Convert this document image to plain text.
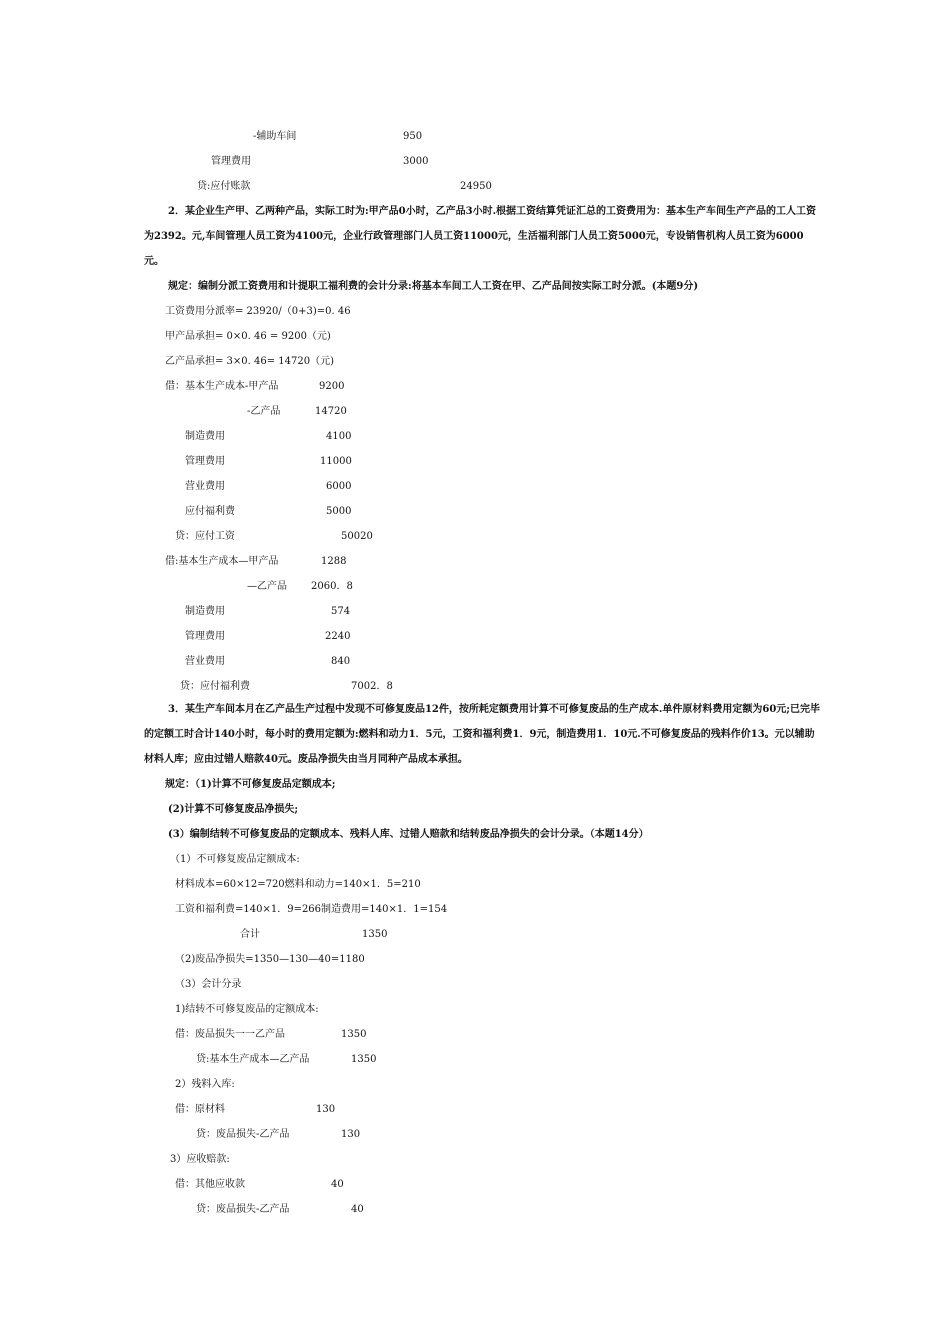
-辅助车间	950
管理费用	3000
贷:应付账款	24950
2．某企业生产甲、乙两种产品，实际工时为:甲产品0小时，乙产品3小时.根据工资结算凭证汇总的工资费用为：基本生产车间生产产品的工人工资为2392。元,车间管理人员工资为4100元，企业行政管理部门人员工资11000元，生活福利部门人员工资5000元，专设销售机构人员工资为6000元。
规定：编制分派工资费用和计提职工福利费的会计分录:将基本车间工人工资在甲、乙产品间按实际工时分派。(本题9分)
工资费用分派率= 23920/（0+3)=0. 46
甲产品承担= 0×0. 46 = 9200（元)
乙产品承担= 3×0. 46= 14720（元)
借：基本生产成本-甲产品	9200
-乙产品	14720
制造费用	4100
管理费用	11000
营业费用	6000
应付福利费	5000
贷：应付工资	50020
借:基本生产成本—甲产品	1288
—乙产品 2060．8
制造费用	574
管理费用	2240
营业费用	840
贷：应付福利费	7002．8
3．某生产车间本月在乙产品生产过程中发现不可修复废品12件，按所耗定额费用计算不可修复废品的生产成本.单件原材料费用定额为60元;已完毕的定额工时合计140小时，每小时的费用定额为:燃料和动力1．5元，工资和福利费1．9元，制造费用1．10元.不可修复废品的残料作价13。元以辅助材料人库；应由过错人赔款40元。废品净损失由当月同种产品成本承担。
规定：（1)计算不可修复废品定额成本;
(2)计算不可修复废品净损失;
(3）编制结转不可修复废品的定额成本、残料人库、过错人赔款和结转废品净损失的会计分录。（本题14分）
（1）不可修复废品定额成本:
材料成本=60×12=720燃料和动力=140×1．5=210
工资和福利费=140×1．9=266制造费用=140×1．1=154
合计	1350
（2)废品净损失=1350—130—40=1180
（3）会计分录
1)结转不可修复废品的定额成本:
借：废品损失一一乙产品	1350
贷:基本生产成本—乙产品	1350
2）残料入库:
借：原材料	130
贷：废品损失-乙产品	130
3）应收赔款:
借：其他应收款	40
贷：废品损失-乙产品	40
